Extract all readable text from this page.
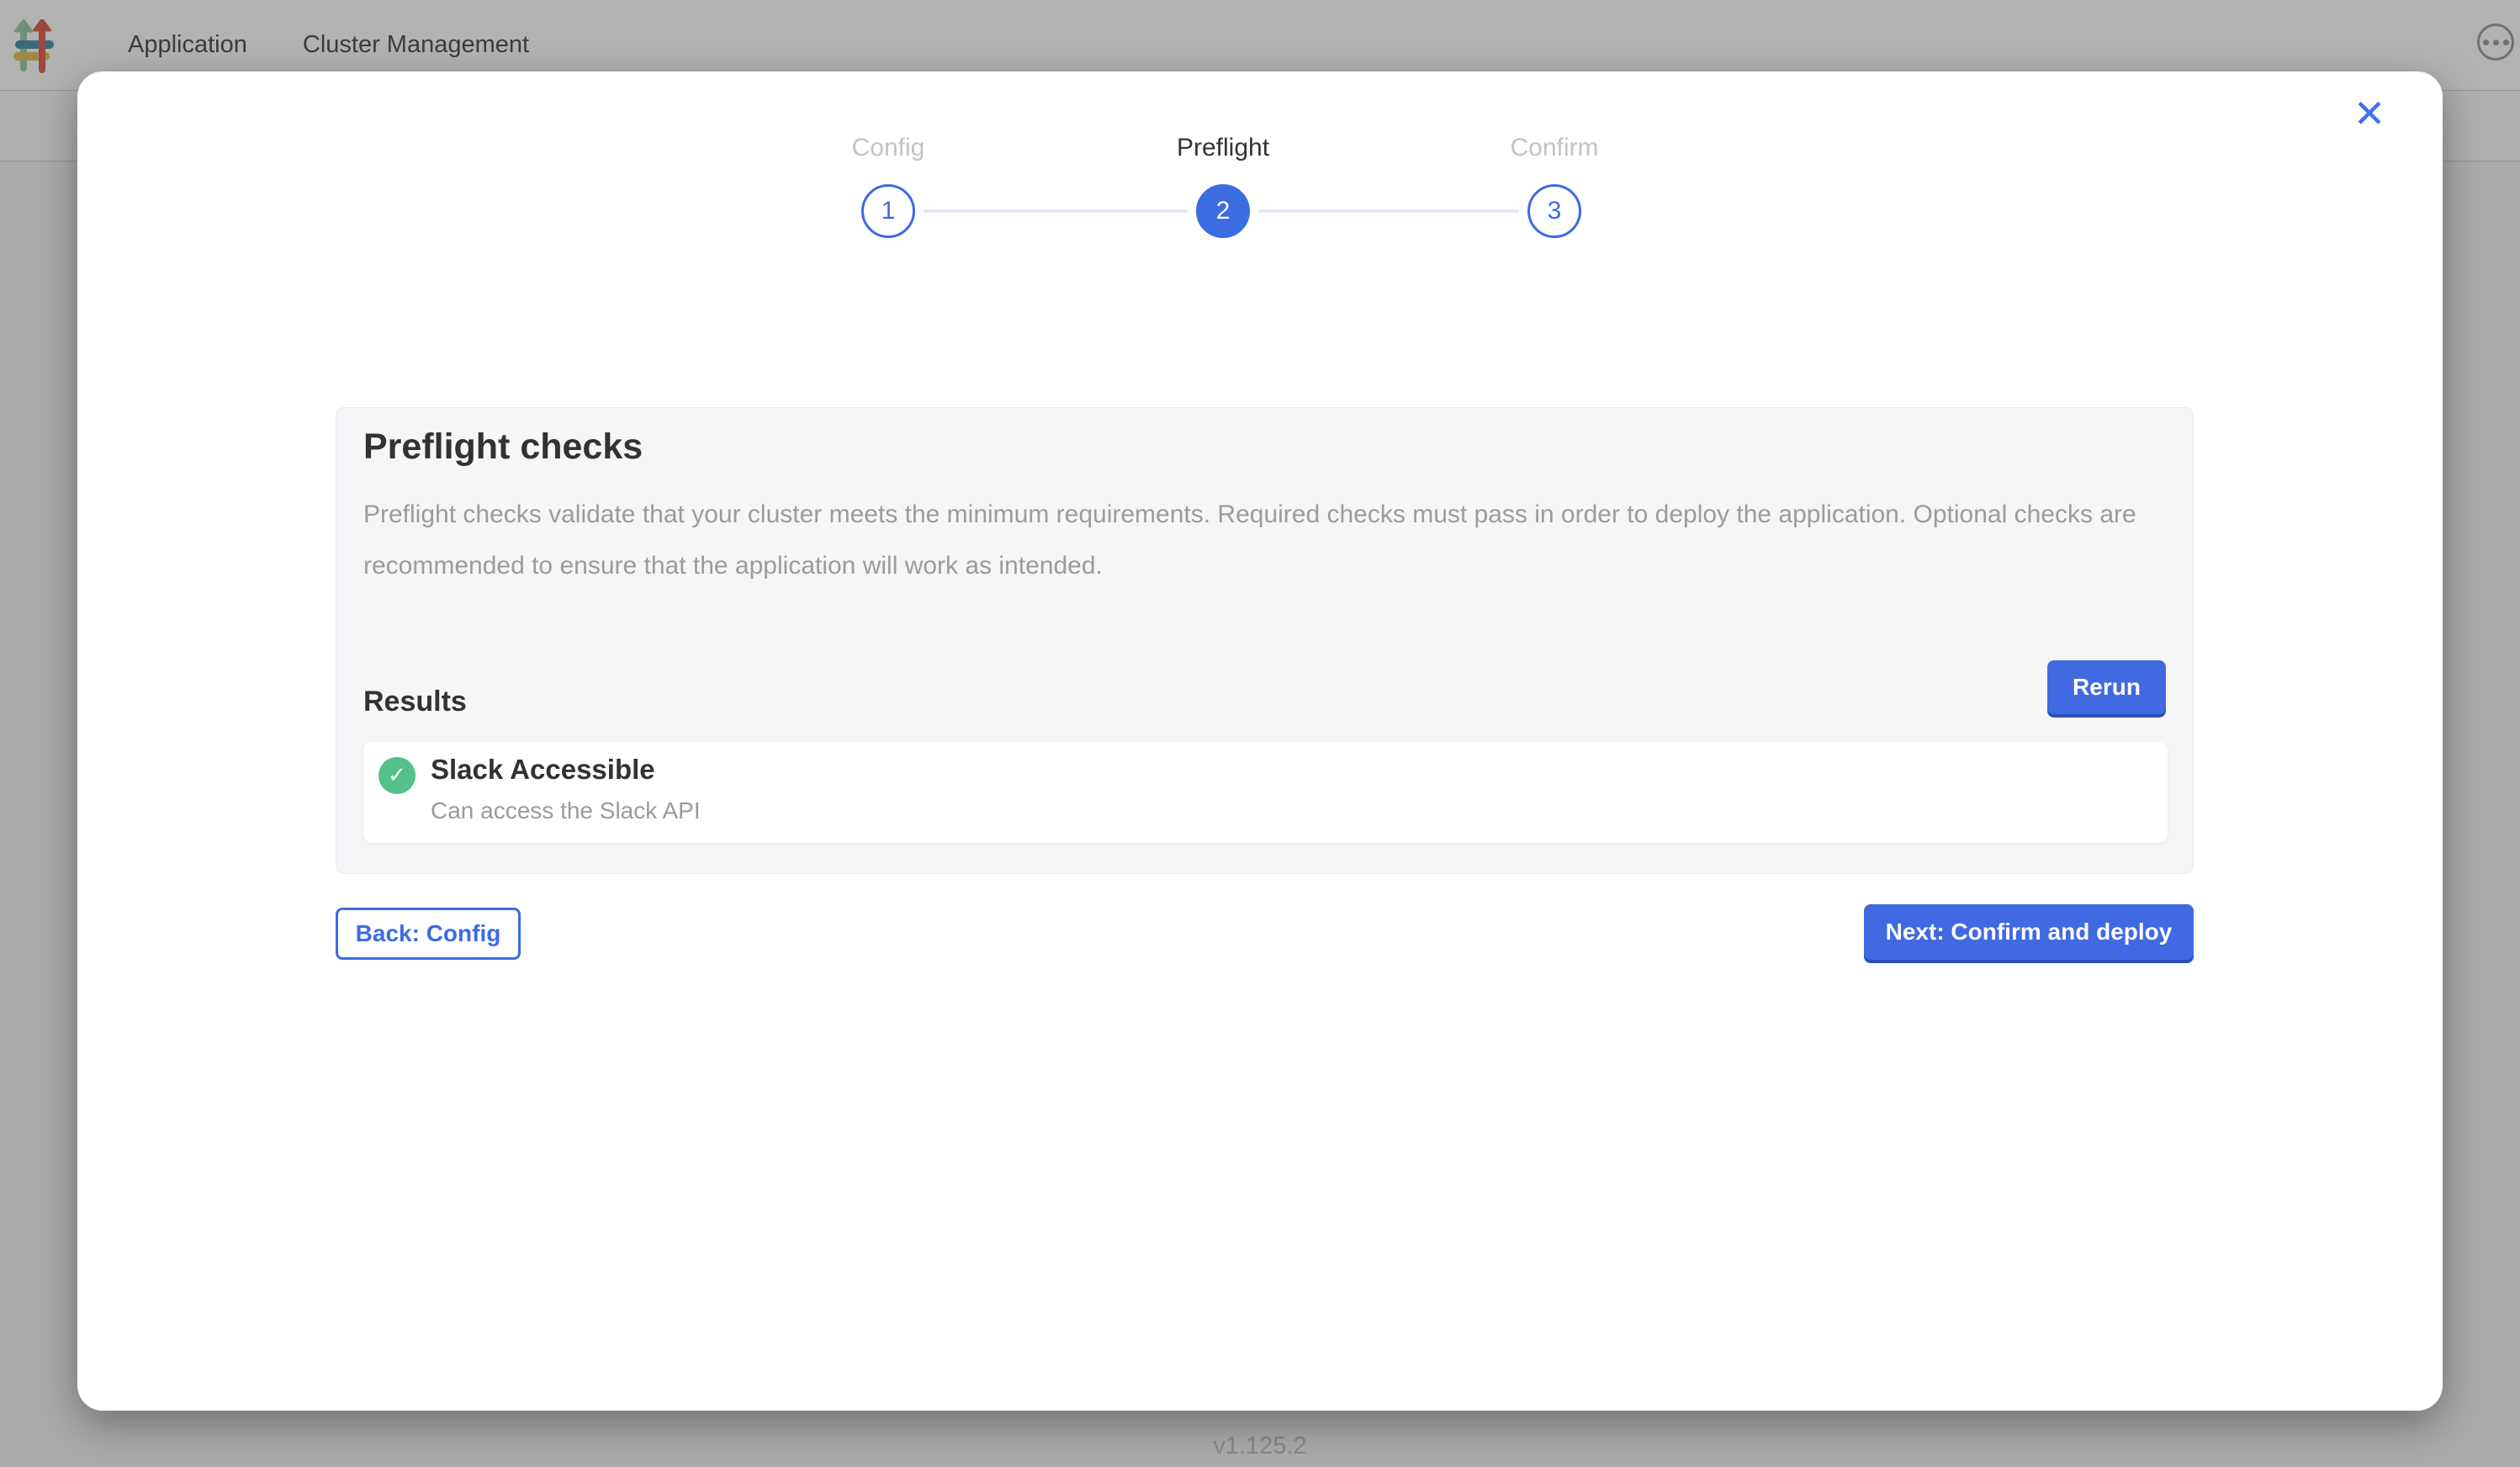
Application Cluster Management
v1.125.2
✕
Config
1
Preflight
2
Confirm
3
Preflight checks

Preflight checks validate that your cluster meets the minimum requirements. Required checks must pass in order to deploy the application. Optional checks are recommended to ensure that the application will work as intended.

Results	Rerun
✓ Slack Accessible
Can access the Slack API
Back: Config	Next: Confirm and deploy
